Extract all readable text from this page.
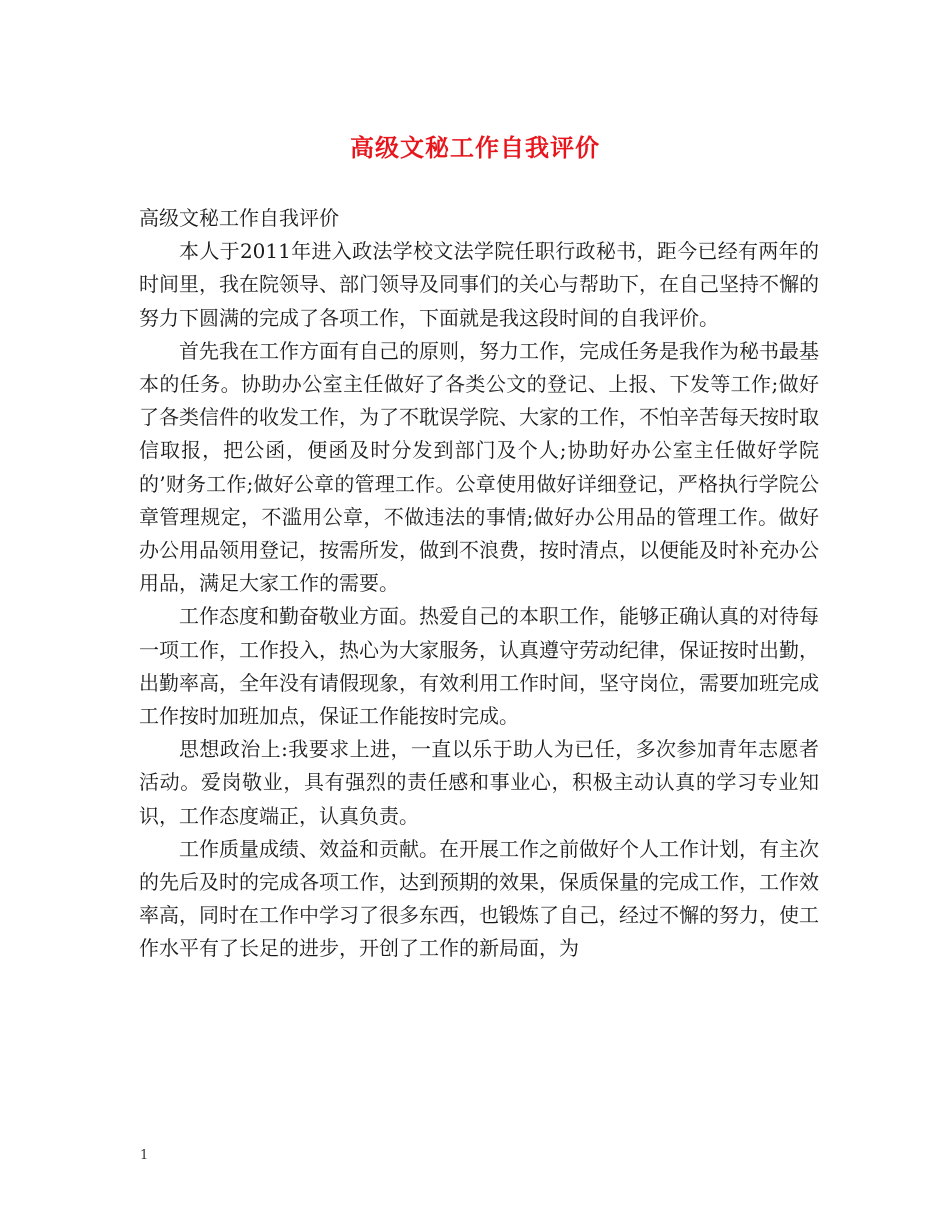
高级文秘工作自我评价

高级文秘工作自我评价

本人于2011年进入政法学校文法学院任职行政秘书，距今已经有两年的时间里，我在院领导、部门领导及同事们的关心与帮助下，在自己坚持不懈的努力下圆满的完成了各项工作，下面就是我这段时间的自我评价。

首先我在工作方面有自己的原则，努力工作，完成任务是我作为秘书最基本的任务。协助办公室主任做好了各类公文的登记、上报、下发等工作;做好了各类信件的收发工作，为了不耽误学院、大家的工作，不怕辛苦每天按时取信取报，把公函，便函及时分发到部门及个人;协助好办公室主任做好学院的’财务工作;做好公章的管理工作。公章使用做好详细登记，严格执行学院公章管理规定，不滥用公章，不做违法的事情;做好办公用品的管理工作。做好办公用品领用登记，按需所发，做到不浪费，按时清点，以便能及时补充办公用品，满足大家工作的需要。

工作态度和勤奋敬业方面。热爱自己的本职工作，能够正确认真的对待每一项工作，工作投入，热心为大家服务，认真遵守劳动纪律，保证按时出勤，出勤率高，全年没有请假现象，有效利用工作时间，坚守岗位，需要加班完成工作按时加班加点，保证工作能按时完成。

思想政治上:我要求上进，一直以乐于助人为已任，多次参加青年志愿者活动。爱岗敬业，具有强烈的责任感和事业心，积极主动认真的学习专业知识，工作态度端正，认真负责。

工作质量成绩、效益和贡献。在开展工作之前做好个人工作计划，有主次的先后及时的完成各项工作，达到预期的效果，保质保量的完成工作，工作效率高，同时在工作中学习了很多东西，也锻炼了自己，经过不懈的努力，使工作水平有了长足的进步，开创了工作的新局面，为

1
